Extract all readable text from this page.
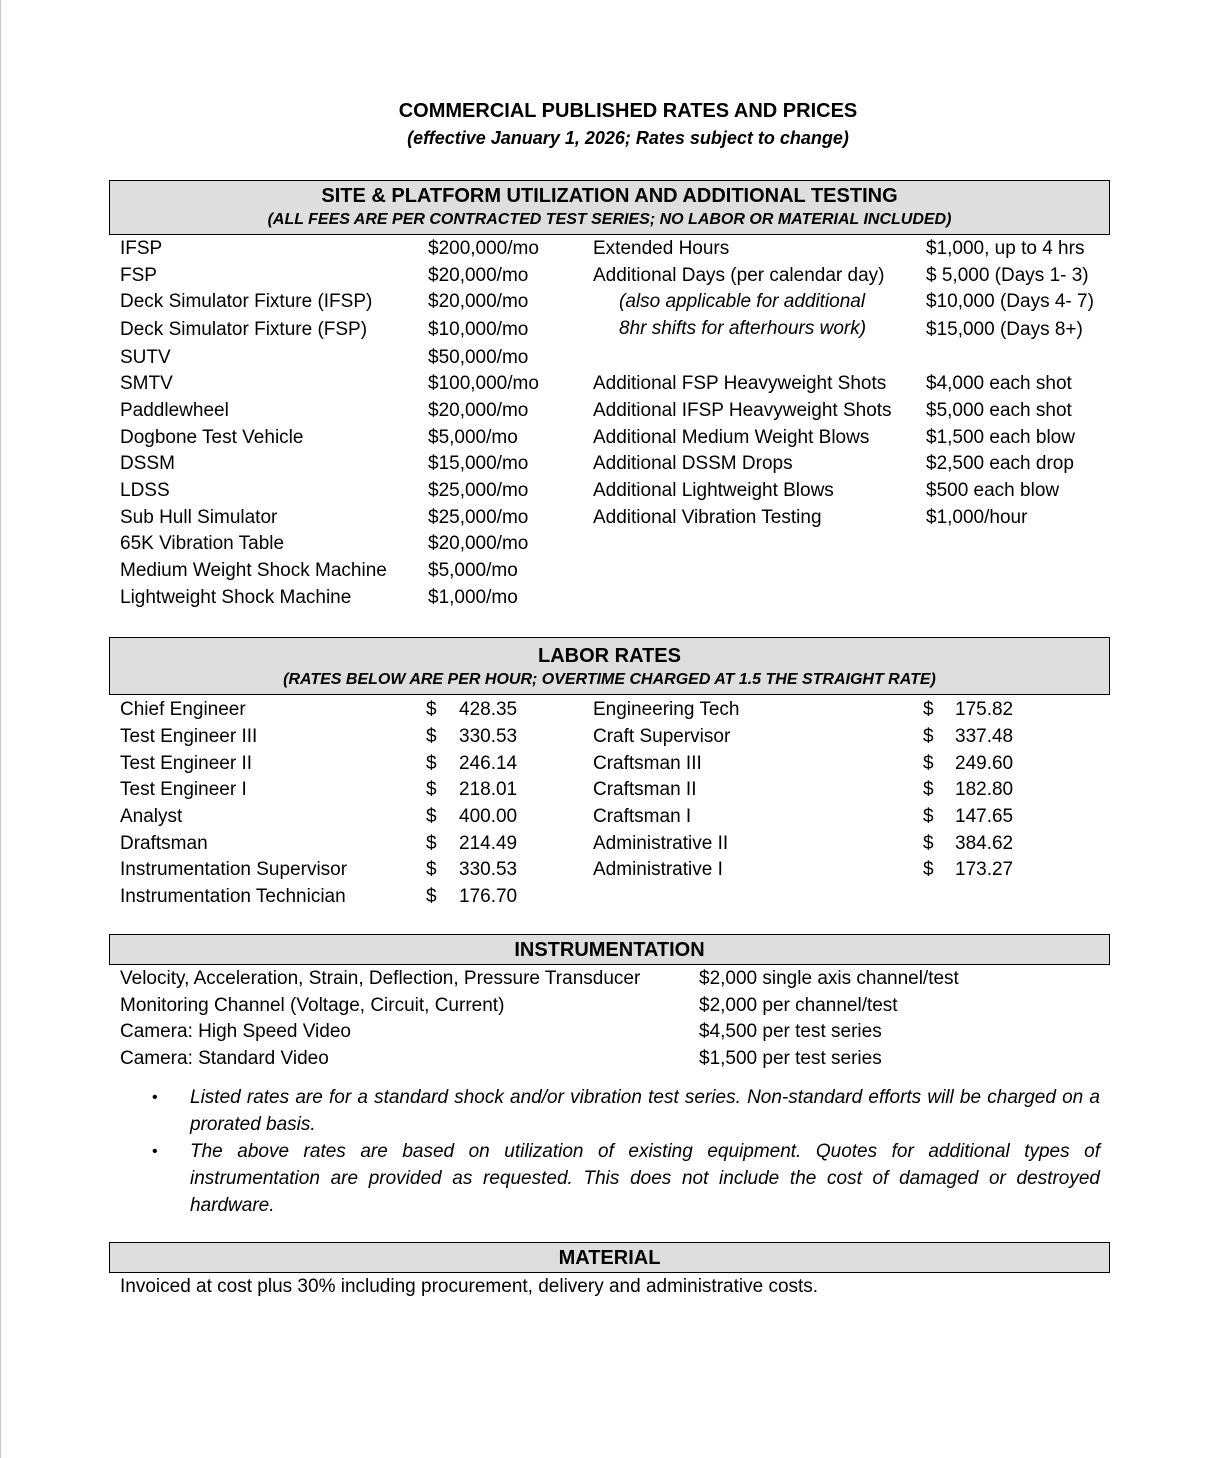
COMMERCIAL PUBLISHED RATES AND PRICES
(effective January 1, 2026; Rates subject to change)
SITE & PLATFORM UTILIZATION AND ADDITIONAL TESTING
(ALL FEES ARE PER CONTRACTED TEST SERIES; NO LABOR OR MATERIAL INCLUDED)
IFSP	$200,000/mo
FSP	$20,000/mo
Deck Simulator Fixture (IFSP)	$20,000/mo
Deck Simulator Fixture (FSP)	$10,000/mo
SUTV	$50,000/mo
SMTV	$100,000/mo
Paddlewheel	$20,000/mo
Dogbone Test Vehicle	$5,000/mo
DSSM	$15,000/mo
LDSS	$25,000/mo
Sub Hull Simulator	$25,000/mo
65K Vibration Table	$20,000/mo
Medium Weight Shock Machine $5,000/mo
Lightweight Shock Machine	$1,000/mo
Extended Hours	$1,000, up to 4 hrs
Additional Days (per calendar day) $ 5,000 (Days 1- 3)
(also applicable for additional	$10,000 (Days 4- 7)
8hr shifts for afterhours work)	$15,000 (Days 8+)
Additional FSP Heavyweight Shots $4,000 each shot
Additional IFSP Heavyweight Shots $5,000 each shot
Additional Medium Weight Blows	$1,500 each blow
Additional DSSM Drops	$2,500 each drop
Additional Lightweight Blows	$500 each blow
Additional Vibration Testing	$1,000/hour
LABOR RATES
(RATES BELOW ARE PER HOUR; OVERTIME CHARGED AT 1.5 THE STRAIGHT RATE)
Chief Engineer	$ 428.35
Test Engineer III	$ 330.53
Test Engineer II	$ 246.14
Test Engineer I	$ 218.01
Analyst	$ 400.00
Draftsman	$ 214.49
Instrumentation Supervisor	$ 330.53
Instrumentation Technician	$ 176.70
Engineering Tech	$ 175.82
Craft Supervisor	$ 337.48
Craftsman III	$ 249.60
Craftsman II	$ 182.80
Craftsman I	$ 147.65
Administrative II	$ 384.62
Administrative I	$ 173.27
INSTRUMENTATION
Velocity, Acceleration, Strain, Deflection, Pressure Transducer	$2,000 single axis channel/test
Monitoring Channel (Voltage, Circuit, Current)	$2,000 per channel/test
Camera: High Speed Video	$4,500 per test series
Camera: Standard Video	$1,500 per test series
• Listed rates are for a standard shock and/or vibration test series. Non-standard efforts will be charged on a prorated basis.
• The above rates are based on utilization of existing equipment. Quotes for additional types of instrumentation are provided as requested. This does not include the cost of damaged or destroyed hardware.
MATERIAL
Invoiced at cost plus 30% including procurement, delivery and administrative costs.
